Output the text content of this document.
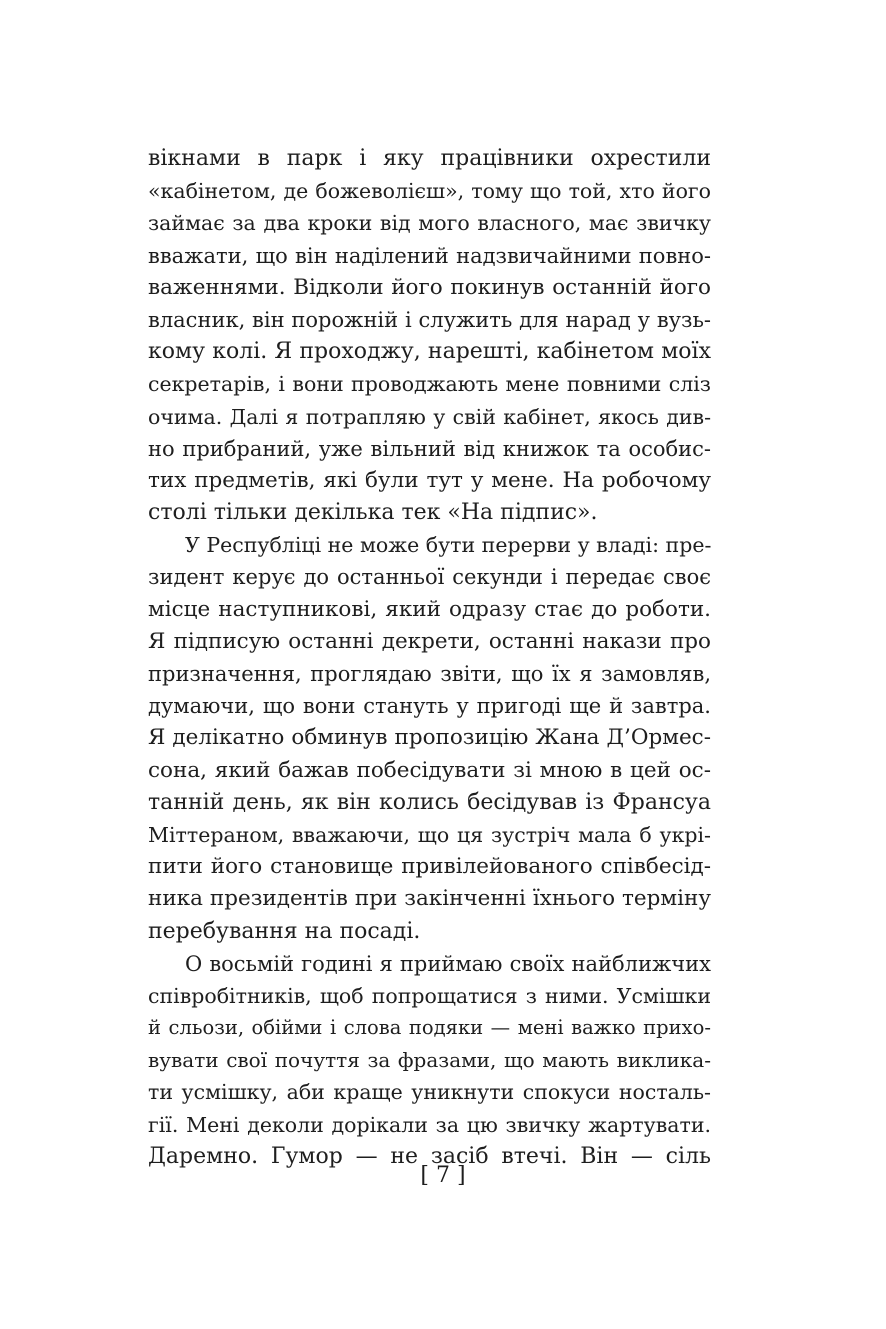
вікнами в парк і яку працівники охрестили
«кабінетом, де божеволієш», тому що той, хто його
займає за два кроки від мого власного, має звичку
вважати, що він наділений надзвичайними повно-
важеннями. Відколи його покинув останній його
власник, він порожній і служить для нарад у вузь-
кому колі. Я проходжу, нарешті, кабінетом моїх
секретарів, і вони проводжають мене повними сліз
очима. Далі я потрапляю у свій кабінет, якось див-
но прибраний, уже вільний від книжок та особис-
тих предметів, які були тут у мене. На робочому
столі тільки декілька тек «На підпис».
У Республіці не може бути перерви у владі: пре-
зидент керує до останньої секунди і передає своє
місце наступникові, який одразу стає до роботи.
Я підписую останні декрети, останні накази про
призначення, проглядаю звіти, що їх я замовляв,
думаючи, що вони стануть у пригоді ще й завтра.
Я делікатно обминув пропозицію Жана Д’Ормес-
сона, який бажав побесідувати зі мною в цей ос-
танній день, як він колись бесідував із Франсуа
Міттераном, вважаючи, що ця зустріч мала б укрі-
пити його становище привілейованого співбесід-
ника президентів при закінченні їхнього терміну
перебування на посаді.
О восьмій годині я приймаю своїх найближчих
співробітників, щоб попрощатися з ними. Усмішки
й сльози, обійми і слова подяки — мені важко прихо-
вувати свої почуття за фразами, що мають виклика-
ти усмішку, аби краще уникнути спокуси носталь-
гії. Мені деколи дорікали за цю звичку жартувати.
Даремно. Гумор — не засіб втечі. Він — сіль
[ 7 ]
